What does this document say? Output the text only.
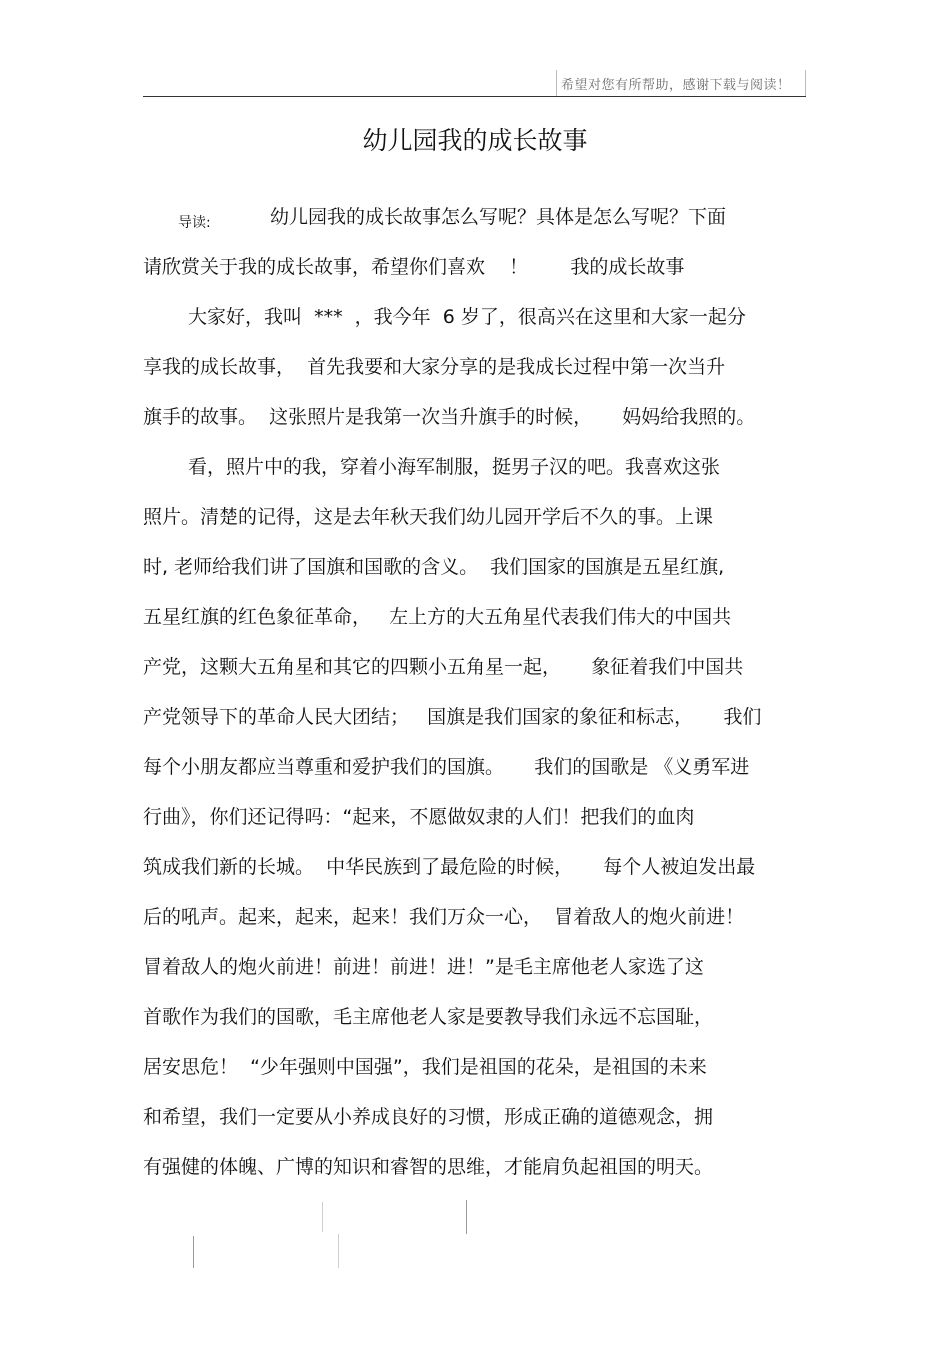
希望对您有所帮助，感谢下载与阅读！
幼儿园我的成长故事
导读:	幼儿园我的成长故事怎么写呢？具体是怎么写呢？下面
请欣赏关于我的成长故事，希望你们喜欢    ！       我的成长故事
大家好，我叫  ***  ，我今年  6 岁了，很高兴在这里和大家一起分
享我的成长故事，  首先我要和大家分享的是我成长过程中第一次当升
旗手的故事。  这张照片是我第一次当升旗手的时候，     妈妈给我照的。
看，照片中的我，穿着小海军制服，挺男子汉的吧。我喜欢这张
照片。清楚的记得，这是去年秋天我们幼儿园开学后不久的事。上课
时, 老师给我们讲了国旗和国歌的含义。  我们国家的国旗是五星红旗,
五星红旗的红色象征革命，   左上方的大五角星代表我们伟大的中国共
产党，这颗大五角星和其它的四颗小五角星一起，     象征着我们中国共
产党领导下的革命人民大团结；   国旗是我们国家的象征和标志，     我们
每个小朋友都应当尊重和爱护我们的国旗。     我们的国歌是 《义勇军进
行曲》，你们还记得吗：“起来，不愿做奴隶的人们！把我们的血肉
筑成我们新的长城。  中华民族到了最危险的时候，     每个人被迫发出最
后的吼声。起来，起来，起来！我们万众一心，  冒着敌人的炮火前进！
冒着敌人的炮火前进！前进！前进！进！”是毛主席他老人家选了这
首歌作为我们的国歌，毛主席他老人家是要教导我们永远不忘国耻，
居安思危！  “少年强则中国强”，我们是祖国的花朵，是祖国的未来
和希望，我们一定要从小养成良好的习惯，形成正确的道德观念，拥
有强健的体魄、广博的知识和睿智的思维，才能肩负起祖国的明天。
